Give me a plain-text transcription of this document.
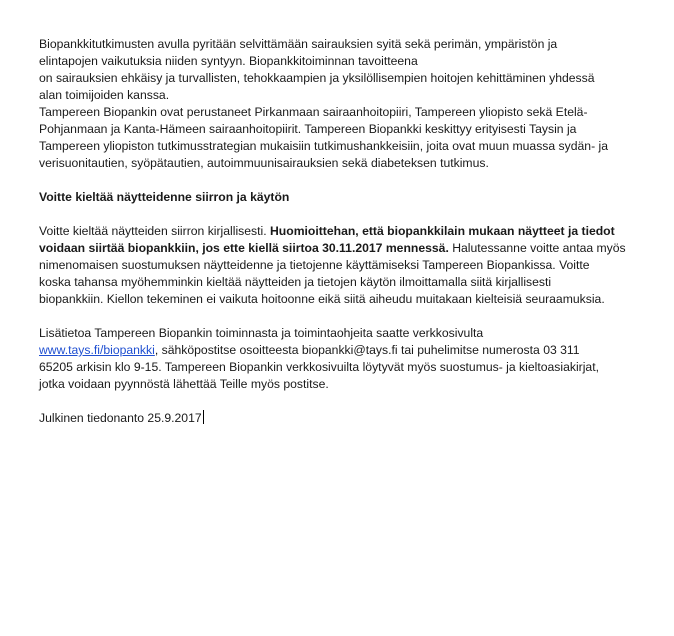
Biopankkitutkimusten avulla pyritään selvittämään sairauksien syitä sekä perimän, ympäristön ja

elintapojen vaikutuksia niiden syntyyn. Biopankkitoiminnan tavoitteena

on sairauksien ehkäisy ja turvallisten, tehokkaampien ja yksilöllisempien hoitojen kehittäminen yhdessä

alan toimijoiden kanssa.

Tampereen Biopankin ovat perustaneet Pirkanmaan sairaanhoitopiiri, Tampereen yliopisto sekä Etelä-

Pohjanmaan ja Kanta-Hämeen sairaanhoitopiirit. Tampereen Biopankki keskittyy erityisesti Taysin ja

Tampereen yliopiston tutkimusstrategian mukaisiin tutkimushankkeisiin, joita ovat muun muassa sydän- ja

verisuonitautien, syöpätautien, autoimmuunisairauksien sekä diabeteksen tutkimus.

Voitte kieltää näytteidenne siirron ja käytön

Voitte kieltää näytteiden siirron kirjallisesti. Huomioittehan, että biopankkilain mukaan näytteet ja tiedot

voidaan siirtää biopankkiin, jos ette kiellä siirtoa 30.11.2017 mennessä. Halutessanne voitte antaa myös

nimenomaisen suostumuksen näytteidenne ja tietojenne käyttämiseksi Tampereen Biopankissa. Voitte

koska tahansa myöhemminkin kieltää näytteiden ja tietojen käytön ilmoittamalla siitä kirjallisesti

biopankkiin. Kiellon tekeminen ei vaikuta hoitoonne eikä siitä aiheudu muitakaan kielteisiä seuraamuksia.

Lisätietoa Tampereen Biopankin toiminnasta ja toimintaohjeita saatte verkkosivulta

www.tays.fi/biopankki, sähköpostitse osoitteesta biopankki@tays.fi tai puhelimitse numerosta 03 311

65205 arkisin klo 9-15. Tampereen Biopankin verkkosivuilta löytyvät myös suostumus- ja kieltoasiakirjat,

jotka voidaan pyynnöstä lähettää Teille myös postitse.

Julkinen tiedonanto 25.9.2017
